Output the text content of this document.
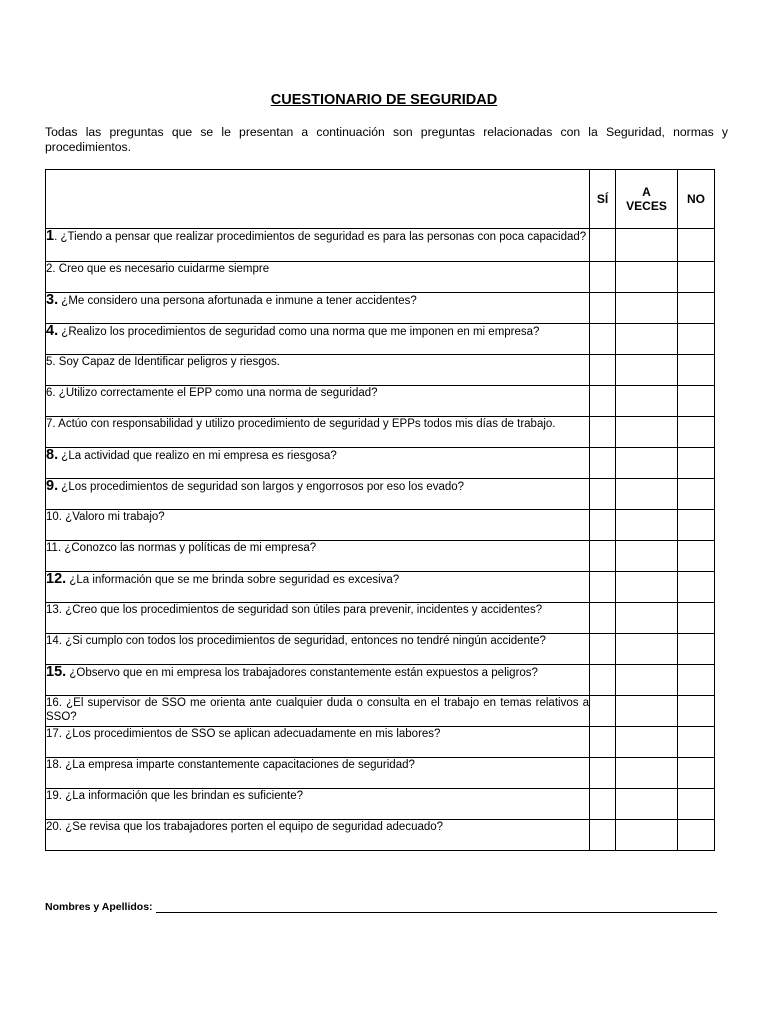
CUESTIONARIO DE SEGURIDAD
Todas las preguntas que se le presentan a continuación son preguntas relacionadas con la Seguridad, normas y procedimientos.
	SÍ	A VECES	NO
1. ¿Tiendo a pensar que realizar procedimientos de seguridad es para las personas con poca capacidad?			
2. Creo que es necesario cuidarme siempre			
3. ¿Me considero una persona afortunada e inmune a tener accidentes?			
4. ¿Realizo los procedimientos de seguridad como una norma que me imponen en mi empresa?			
5. Soy Capaz de Identificar peligros y riesgos.			
6. ¿Utilizo correctamente el EPP como una norma de seguridad?			
7. Actúo con responsabilidad y utilizo procedimiento de seguridad y EPPs todos mis días de trabajo.			
8. ¿La actividad que realizo en mi empresa es riesgosa?			
9. ¿Los procedimientos de seguridad son largos y engorrosos por eso los evado?			
10. ¿Valoro mi trabajo?			
11. ¿Conozco las normas y políticas de mi empresa?			
12. ¿La información que se me brinda sobre seguridad es excesiva?			
13. ¿Creo que los procedimientos de seguridad son útiles para prevenir, incidentes y accidentes?			
14. ¿Si cumplo con todos los procedimientos de seguridad, entonces no tendré ningún accidente?			
15. ¿Observo que en mi empresa los trabajadores constantemente están expuestos a peligros?			
16. ¿El supervisor de SSO me orienta ante cualquier duda o consulta en el trabajo en temas relativos a SSO?			
17. ¿Los procedimientos de SSO se aplican adecuadamente en mis labores?			
18. ¿La empresa imparte constantemente capacitaciones de seguridad?			
19. ¿La información que les brindan es suficiente?			
20. ¿Se revisa que los trabajadores porten el equipo de seguridad adecuado?			
Nombres y Apellidos:
